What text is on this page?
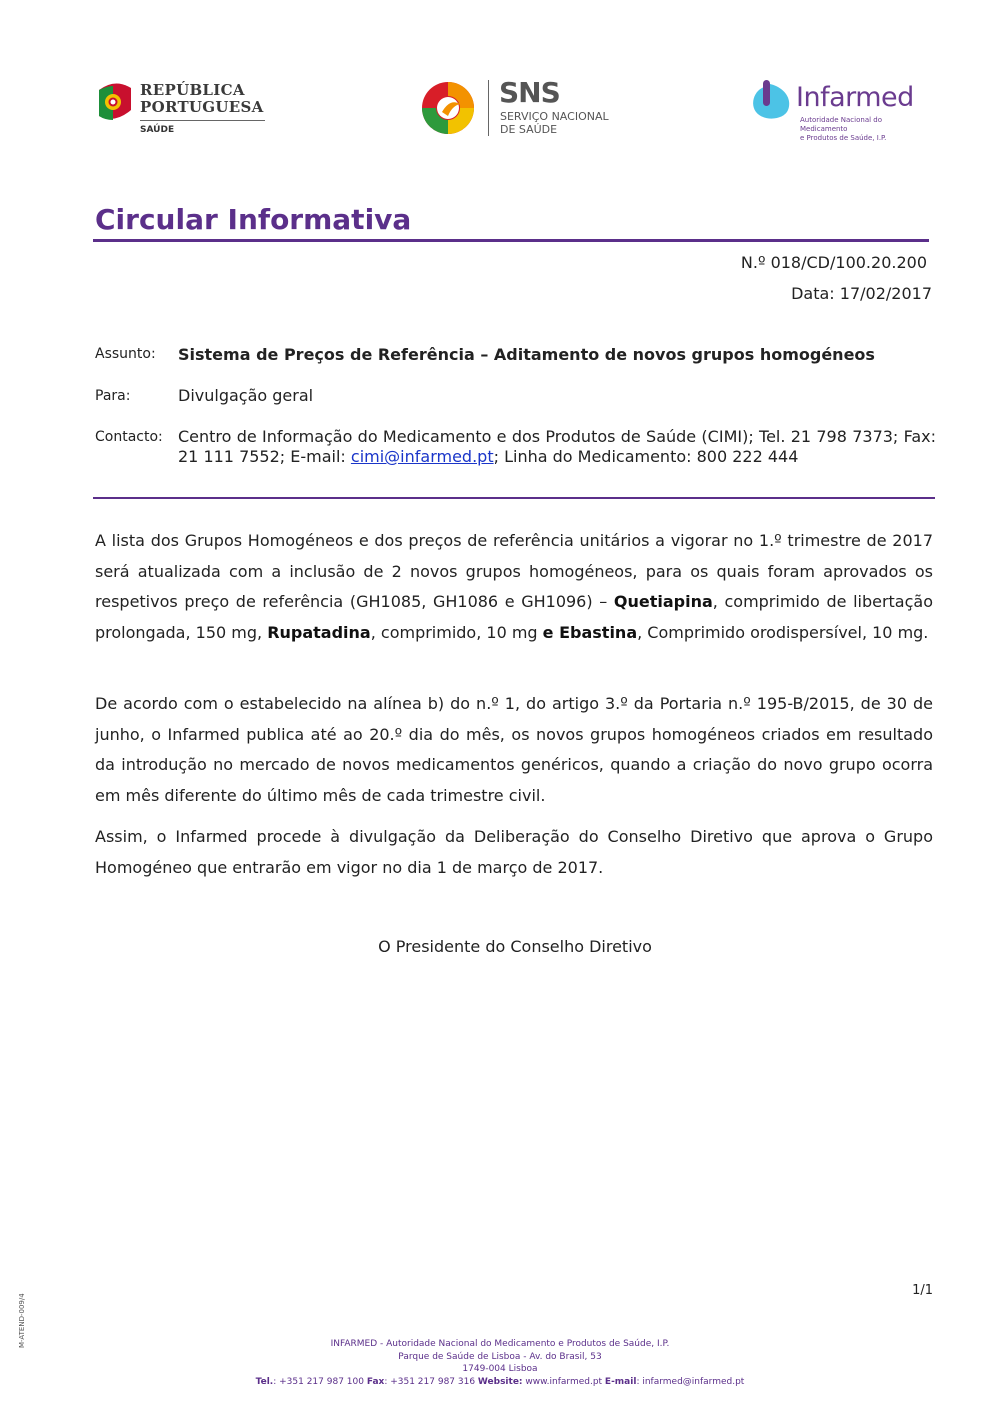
REPÚBLICA
PORTUGUESA
SAÚDE
SNS
SERVIÇO NACIONAL
DE SAÚDE
Infarmed
Autoridade Nacional do Medicamento
e Produtos de Saúde, I.P.
Circular Informativa
N.º 018/CD/100.20.200
Data: 17/02/2017
Assunto: Sistema de Preços de Referência – Aditamento de novos grupos homogéneos
Para:	Divulgação geral
Contacto: Centro de Informação do Medicamento e dos Produtos de Saúde (CIMI); Tel. 21 798 7373; Fax: 21 111 7552; E-mail: cimi@infarmed.pt; Linha do Medicamento: 800 222 444

A lista dos Grupos Homogéneos e dos preços de referência unitários a vigorar no 1.º trimestre de 2017 será atualizada com a inclusão de 2 novos grupos homogéneos, para os quais foram aprovados os respetivos preço de referência (GH1085, GH1086 e GH1096) – Quetiapina, comprimido de libertação prolongada, 150 mg, Rupatadina, comprimido, 10 mg e Ebastina, Comprimido orodispersível, 10 mg.

De acordo com o estabelecido na alínea b) do n.º 1, do artigo 3.º da Portaria n.º 195-B/2015, de 30 de junho, o Infarmed publica até ao 20.º dia do mês, os novos grupos homogéneos criados em resultado da introdução no mercado de novos medicamentos genéricos, quando a criação do novo grupo ocorra em mês diferente do último mês de cada trimestre civil.

Assim, o Infarmed procede à divulgação da Deliberação do Conselho Diretivo que aprova o Grupo Homogéneo que entrarão em vigor no dia 1 de março de 2017.

O Presidente do Conselho Diretivo
1/1
M-ATEND-009/4	INFARMED - Autoridade Nacional do Medicamento e Produtos de Saúde, I.P.
Parque de Saúde de Lisboa - Av. do Brasil, 53
1749-004 Lisboa
Tel.: +351 217 987 100 Fax: +351 217 987 316 Website: www.infarmed.pt E-mail: infarmed@infarmed.pt
